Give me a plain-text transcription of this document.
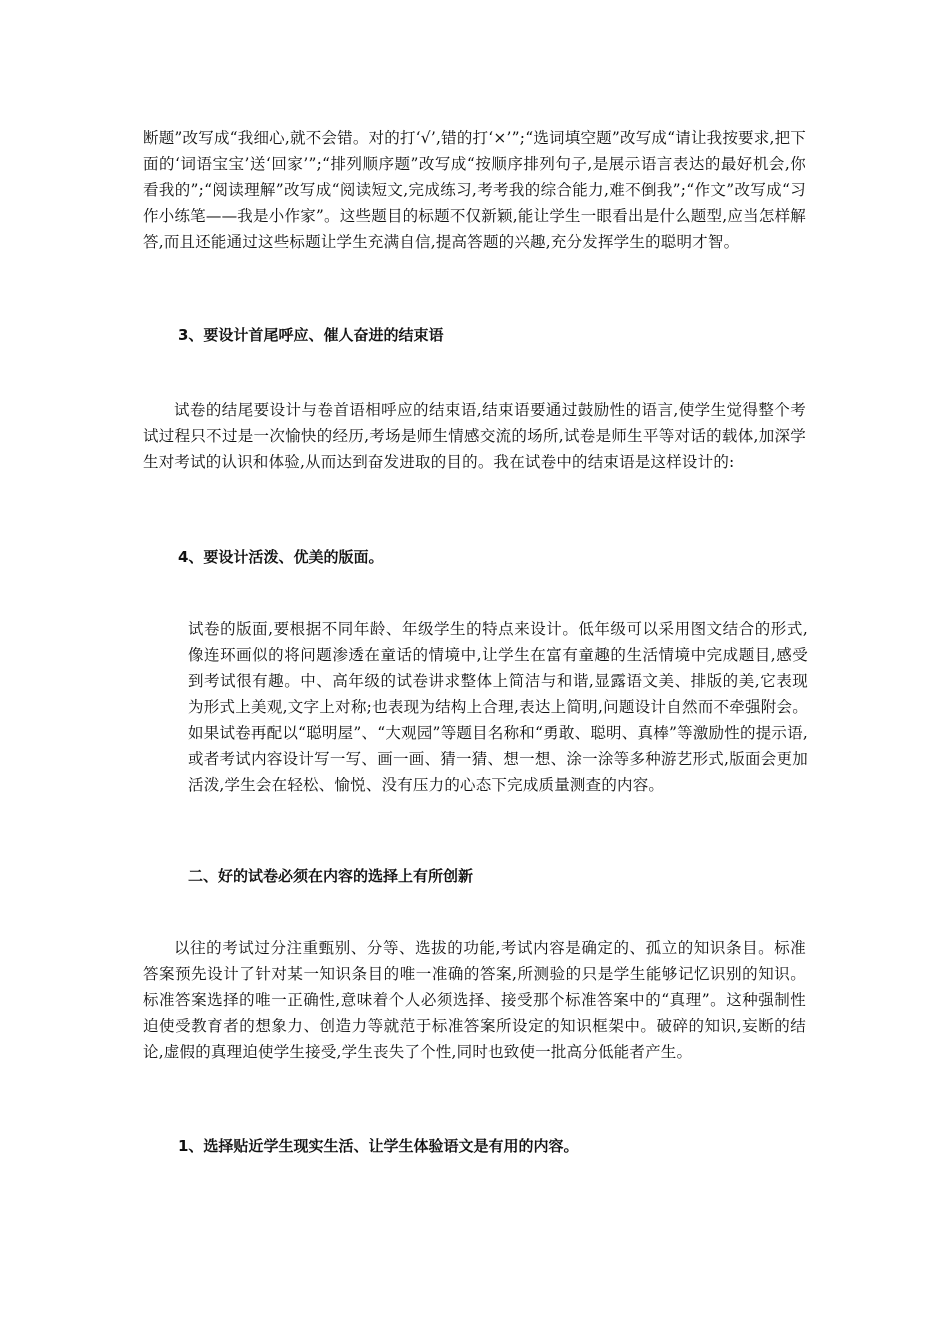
断题”改写成“我细心,就不会错。对的打‘√’,错的打‘×’”;“选词填空题”改写成“请让我按要求,把下面的‘词语宝宝’送‘回家’”;“排列顺序题”改写成“按顺序排列句子,是展示语言表达的最好机会,你看我的”;“阅读理解”改写成“阅读短文,完成练习,考考我的综合能力,难不倒我”;“作文”改写成“习作小练笔——我是小作家”。这些题目的标题不仅新颖,能让学生一眼看出是什么题型,应当怎样解答,而且还能通过这些标题让学生充满自信,提高答题的兴趣,充分发挥学生的聪明才智。

3、要设计首尾呼应、催人奋进的结束语

试卷的结尾要设计与卷首语相呼应的结束语,结束语要通过鼓励性的语言,使学生觉得整个考试过程只不过是一次愉快的经历,考场是师生情感交流的场所,试卷是师生平等对话的载体,加深学生对考试的认识和体验,从而达到奋发进取的目的。我在试卷中的结束语是这样设计的:

4、要设计活泼、优美的版面。

试卷的版面,要根据不同年龄、年级学生的特点来设计。低年级可以采用图文结合的形式,像连环画似的将问题渗透在童话的情境中,让学生在富有童趣的生活情境中完成题目,感受到考试很有趣。中、高年级的试卷讲求整体上简洁与和谐,显露语文美、排版的美,它表现为形式上美观,文字上对称;也表现为结构上合理,表达上简明,问题设计自然而不牵强附会。如果试卷再配以“聪明屋”、“大观园”等题目名称和“勇敢、聪明、真棒”等激励性的提示语,或者考试内容设计写一写、画一画、猜一猜、想一想、涂一涂等多种游艺形式,版面会更加活泼,学生会在轻松、愉悦、没有压力的心态下完成质量测查的内容。

二、好的试卷必须在内容的选择上有所创新

以往的考试过分注重甄别、分等、选拔的功能,考试内容是确定的、孤立的知识条目。标准答案预先设计了针对某一知识条目的唯一准确的答案,所测验的只是学生能够记忆识别的知识。标准答案选择的唯一正确性,意味着个人必须选择、接受那个标准答案中的“真理”。这种强制性迫使受教育者的想象力、创造力等就范于标准答案所设定的知识框架中。破碎的知识,妄断的结论,虚假的真理迫使学生接受,学生丧失了个性,同时也致使一批高分低能者产生。

1、选择贴近学生现实生活、让学生体验语文是有用的内容。
